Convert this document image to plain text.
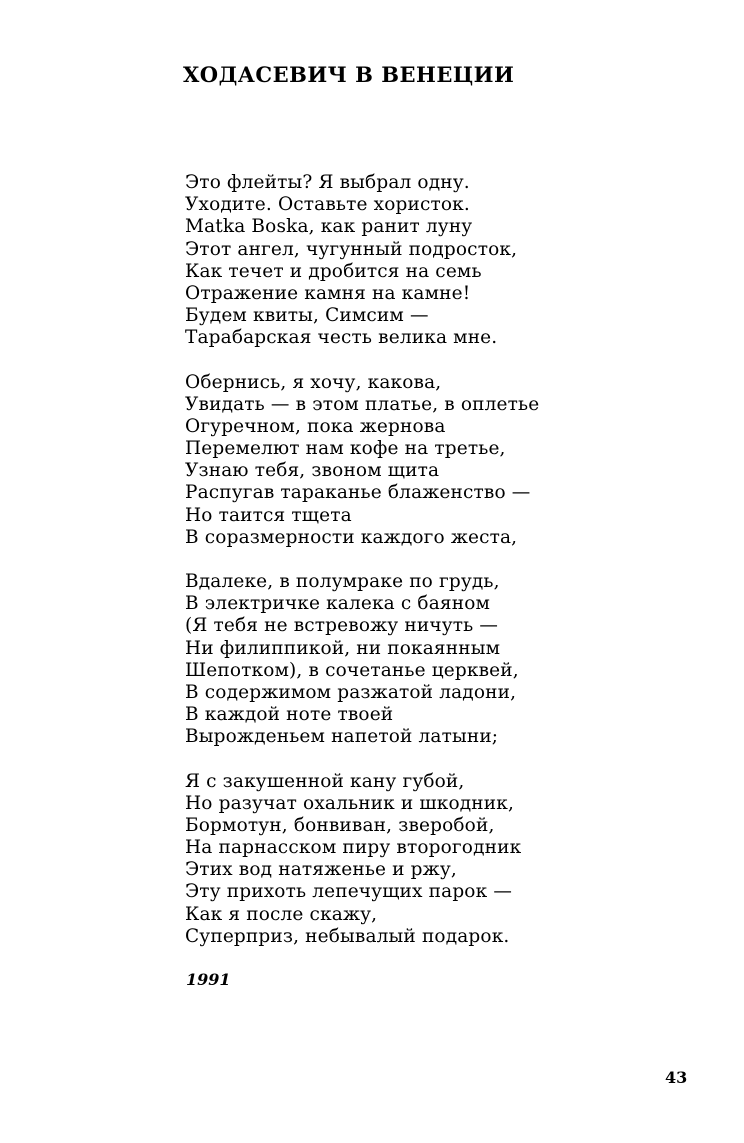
ХОДАСЕВИЧ В ВЕНЕЦИИ
Это флейты? Я выбрал одну.
Уходите. Оставьте хористок.
Matka Boska, как ранит луну
Этот ангел, чугунный подросток,
Как течет и дробится на семь
Отражение камня на камне!
Будем квиты, Симсим —
Тарабарская честь велика мне.
Обернись, я хочу, какова,
Увидать — в этом платье, в оплетье
Огуречном, пока жернова
Перемелют нам кофе на третье,
Узнаю тебя, звоном щита
Распугав тараканье блаженство —
Но таится тщета
В соразмерности каждого жеста,
Вдалеке, в полумраке по грудь,
В электричке калека с баяном
(Я тебя не встревожу ничуть —
Ни филиппикой, ни покаянным
Шепотком), в сочетанье церквей,
В содержимом разжатой ладони,
В каждой ноте твоей
Вырожденьем напетой латыни;
Я с закушенной кану губой,
Но разучат охальник и шкодник,
Бормотун, бонвиван, зверобой,
На парнасском пиру второгодник
Этих вод натяженье и ржу,
Эту прихоть лепечущих парок —
Как я после скажу,
Суперприз, небывалый подарок.
1991
43
